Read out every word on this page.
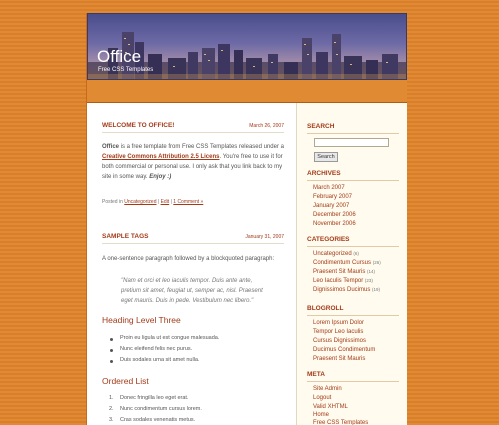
Office
Free CSS Templates
WELCOME TO OFFICE!	March 26, 2007
Office is a free template from Free CSS Templates released under a Creative Commons Attribution 2.5 Licens. You're free to use it for both commercial or personal use. I only ask that you link back to my site in some way. Enjoy :)
Posted in Uncategorized | Edit | 1 Comment »
SAMPLE TAGS	January 31, 2007
A one-sentence paragraph followed by a blockquoted paragraph:
"Nam et orci et leo iaculis tempor. Duis ante ante, pretium sit amet, feugiat ut, semper ac, nisl. Praesent eget mauris. Duis in pede. Vestibulum nec libero."
Heading Level Three
Proin eu ligula ut est congue malesuada.
Nunc eleifend felis nec purus.
Duis sodales urna sit amet nulla.
Ordered List
1. Donec fringilla leo eget erat.
2. Nunc condimentum cursus lorem.
3. Cras sodales venenatis metus.
SEARCH
Search
ARCHIVES
March 2007
February 2007
January 2007
December 2006
November 2006
CATEGORIES
Uncategorized (6)
Condimentum Cursus (26)
Praesent Sit Mauris (14)
Leo Iaculis Tempor (23)
Dignissimos Ducimus (19)
BLOGROLL
Lorem Ipsum Dolor
Tempor Leo Iaculis
Cursus Dignissimos
Ducimus Condimentum
Praesent Sit Mauris
META
Site Admin
Logout
Valid XHTML
Home
Free CSS Templates
